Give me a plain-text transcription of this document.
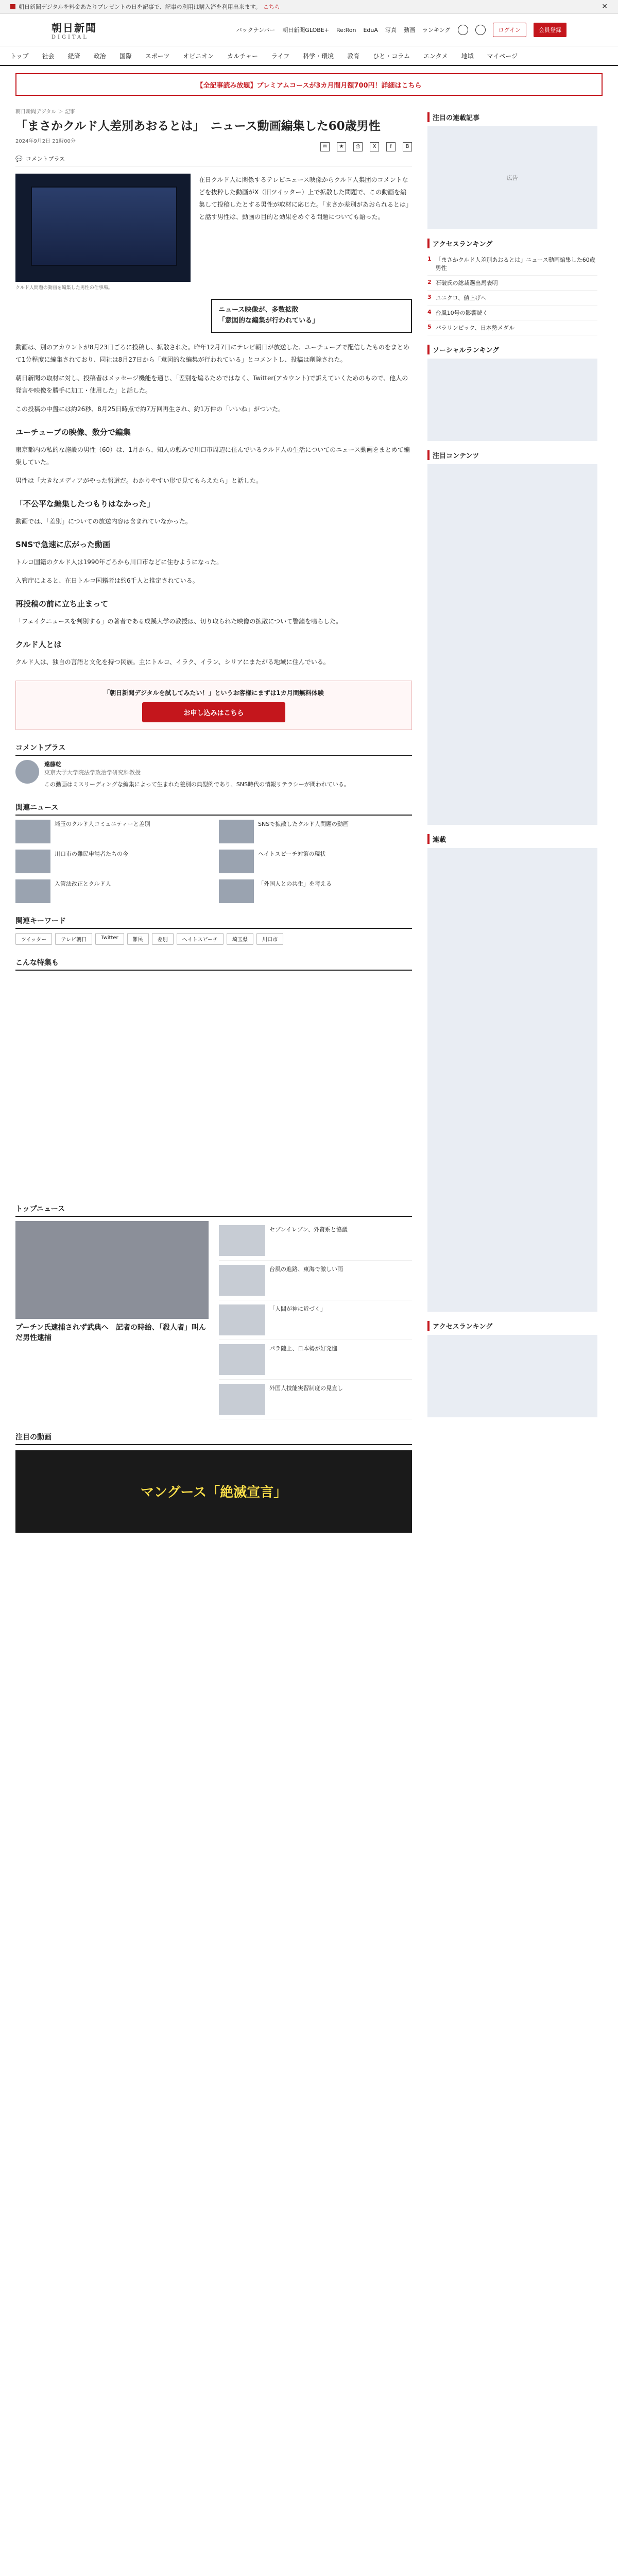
朝日新聞デジタルを料金あたりプレゼントの日を記事で、記事の利用は購入済を利用出来ます。 こちら	✕
朝日新聞
DIGITAL
バックナンバー 朝日新聞GLOBE+ Re:Ron EduA 写真 動画 ランキング	ログイン	会員登録
トップ 社会 経済 政治 国際 スポーツ オピニオン カルチャー ライフ 科学・環境 教育 ひと・コラム エンタメ 地域 マイページ
【全記事読み放題】プレミアムコースが3カ月間月額700円！詳細はこちら
朝日新聞デジタル ＞ 記事
「まさかクルド人差別あおるとは」　ニュース動画編集した60歳男性
2024年9月2日 21時00分
✉	★	⎙	X	f	B
💬 コメントプラス
クルド人問題の動画を編集した男性の仕事場。
在日クルド人に関係するテレビニュース映像からクルド人集団のコメントなどを抜粋した動画がX（旧ツイッター）上で拡散した問題で、この動画を編集して投稿したとする男性が取材に応じた。「まさか差別があおられるとは」と話す男性は、動画の目的と効果をめぐる問題についても語った。
ニュース映像が、多数拡散
「意図的な編集が行われている」

動画は、別のアカウントが8月23日ごろに投稿し、拡散された。昨年12月7日にテレビ朝日が放送した、ユーチューブで配信したものをまとめて1分程度に編集されており、同社は8月27日から「意図的な編集が行われている」とコメントし、投稿は削除された。

朝日新聞の取材に対し、投稿者はメッセージ機能を通じ、「差別を煽るためではなく、Twitter(アカウント)で訴えていくためのもので、他人の発言や映像を勝手に加工・使用した」と話した。

この投稿の中盤には約26秒、8月25日時点で約7万回再生され、約1万件の「いいね」がついた。

ユーチューブの映像、数分で編集

東京都内の私的な施設の男性（60）は、1月から、知人の頼みで川口市周辺に住んでいるクルド人の生活についてのニュース動画をまとめて編集していた。

男性は「大きなメディアがやった報道だ。わかりやすい形で見てもらえたら」と話した。

「不公平な編集したつもりはなかった」

動画では、「差別」についての放送内容は含まれていなかった。

SNSで急速に広がった動画

トルコ国籍のクルド人は1990年ごろから川口市などに住むようになった。

入管庁によると、在日トルコ国籍者は約6千人と推定されている。

再投稿の前に立ち止まって

「フェイクニュースを判別する」の著者である成蹊大学の教授は、切り取られた映像の拡散について警鐘を鳴らした。

クルド人とは

クルド人は、独自の言語と文化を持つ民族。主にトルコ、イラク、イラン、シリアにまたがる地域に住んでいる。

「朝日新聞デジタルを試してみたい！」というお客様にまずは1カ月間無料体験
お申し込みはこちら
コメントプラス
遠藤乾
東京大学大学院法学政治学研究科教授
この動画はミスリーディングな編集によって生まれた差別の典型例であり、SNS時代の情報リテラシーが問われている。
関連ニュース
埼玉のクルド人コミュニティーと差別	SNSで拡散したクルド人問題の動画
川口市の難民申請者たちの今	ヘイトスピーチ対策の現状
入管法改正とクルド人	「外国人との共生」を考える
関連キーワード
ツイッター	テレビ朝日	Twitter	難民	差別	ヘイトスピーチ	埼玉県	川口市
こんな特集も
トップニュース
プーチン氏逮捕されず武典へ　記者の時給、「殺人者」叫んだ男性逮捕
セブンイレブン、外資系と協議
台風の進路、東海で激しい雨
「人間が神に近づく」
パラ陸上、日本勢が好発進
外国人技能実習制度の見直し
注目の動画
マングース「絶滅宣言」
注目の連載記事
広告
アクセスランキング
1 「まさかクルド人差別あおるとは」ニュース動画編集した60歳男性
2 石破氏の総裁選出馬表明
3 ユニクロ、値上げへ
4 台風10号の影響続く
5 パラリンピック、日本勢メダル
ソーシャルランキング
注目コンテンツ
連載
アクセスランキング
